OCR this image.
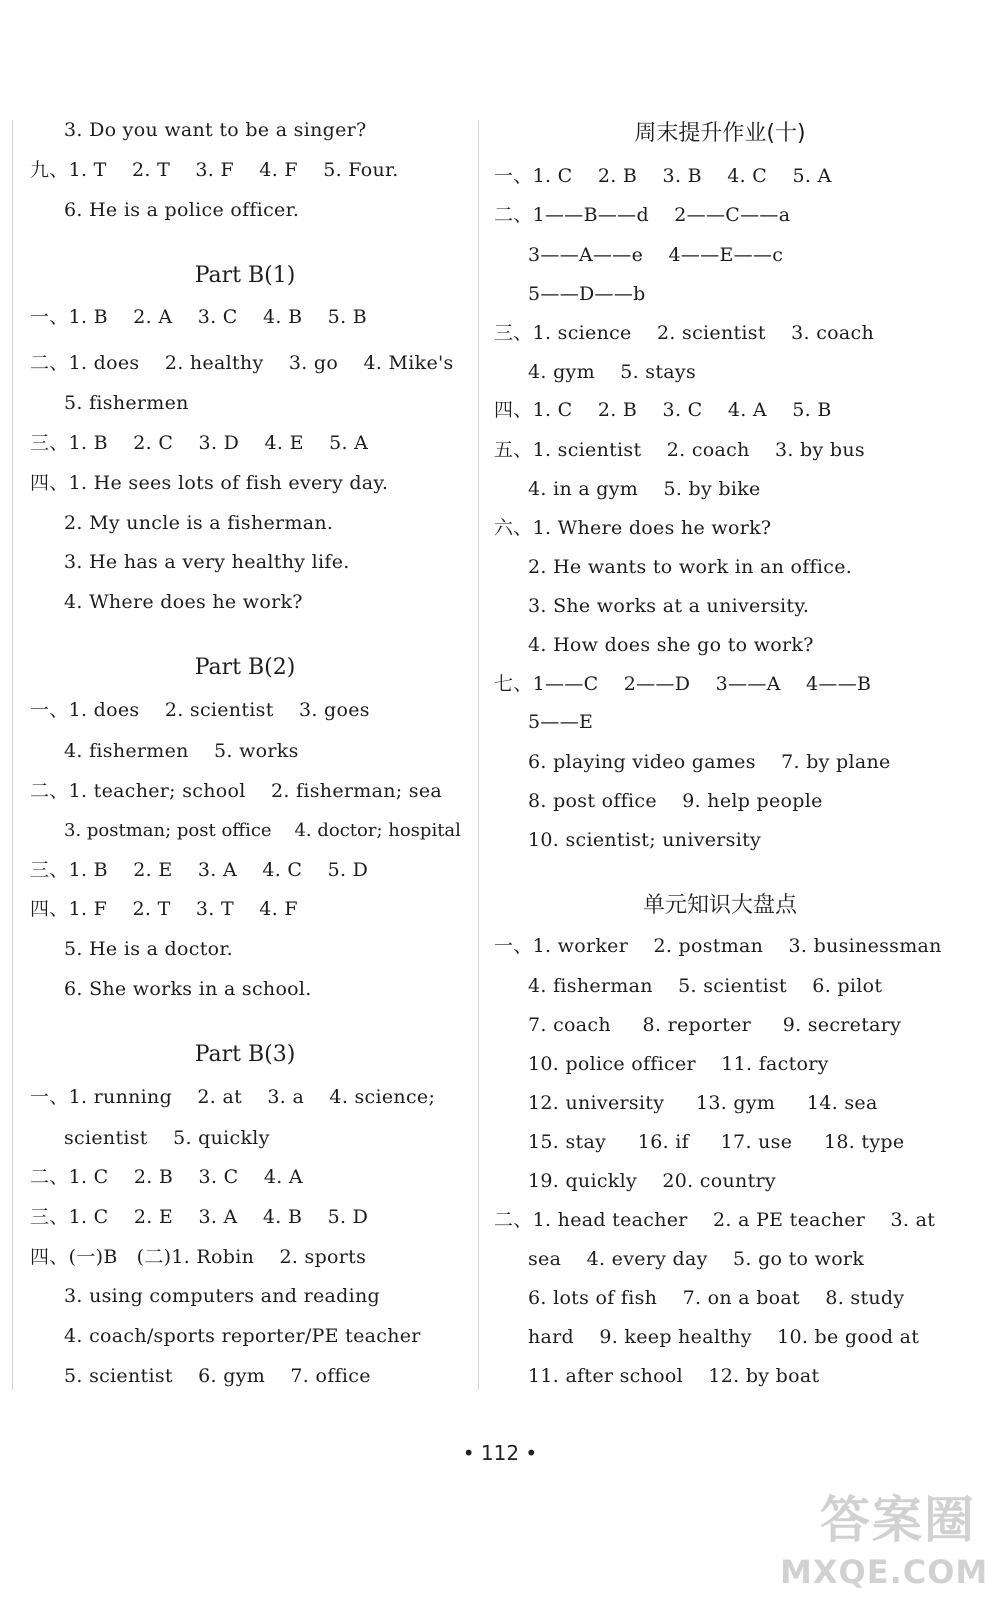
3. Do you want to be a singer?
九、1. T    2. T    3. F    4. F    5. Four.
6. He is a police officer.
Part B(1)
一、1. B    2. A    3. C    4. B    5. B
二、1. does    2. healthy    3. go    4. Mike's
5. fishermen
三、1. B    2. C    3. D    4. E    5. A
四、1. He sees lots of fish every day.
2. My uncle is a fisherman.
3. He has a very healthy life.
4. Where does he work?
Part B(2)
一、1. does    2. scientist    3. goes
4. fishermen    5. works
二、1. teacher; school    2. fisherman; sea
3. postman; post office    4. doctor; hospital
三、1. B    2. E    3. A    4. C    5. D
四、1. F    2. T    3. T    4. F
5. He is a doctor.
6. She works in a school.
Part B(3)
一、1. running    2. at    3. a    4. science;
scientist    5. quickly
二、1. C    2. B    3. C    4. A
三、1. C    2. E    3. A    4. B    5. D
四、(一)B   (二)1. Robin    2. sports
3. using computers and reading
4. coach/sports reporter/PE teacher
5. scientist    6. gym    7. office
周末提升作业(十)
一、1. C    2. B    3. B    4. C    5. A
二、1——B——d    2——C——a
3——A——e    4——E——c
5——D——b
三、1. science    2. scientist    3. coach
4. gym    5. stays
四、1. C    2. B    3. C    4. A    5. B
五、1. scientist    2. coach    3. by bus
4. in a gym    5. by bike
六、1. Where does he work?
2. He wants to work in an office.
3. She works at a university.
4. How does she go to work?
七、1——C    2——D    3——A    4——B
5——E
6. playing video games    7. by plane
8. post office    9. help people
10. scientist; university
单元知识大盘点
一、1. worker    2. postman    3. businessman
4. fisherman    5. scientist    6. pilot
7. coach     8. reporter     9. secretary
10. police officer    11. factory
12. university     13. gym     14. sea
15. stay     16. if     17. use     18. type
19. quickly    20. country
二、1. head teacher    2. a PE teacher    3. at
sea    4. every day    5. go to work
6. lots of fish    7. on a boat    8. study
hard    9. keep healthy    10. be good at
11. after school    12. by boat
• 112 •
答案圈
MXQE.COM
